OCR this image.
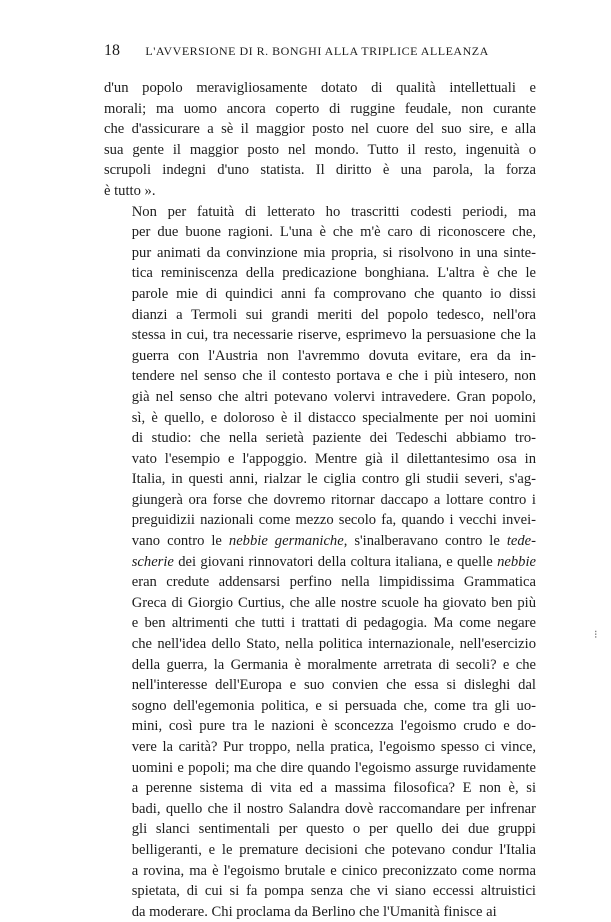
18 L'AVVERSIONE DI R. BONGHI ALLA TRIPLICE ALLEANZA

d'un popolo meravigliosamente dotato di qualità intellettuali e
morali; ma uomo ancora coperto di ruggine feudale, non curante
che d'assicurare a sè il maggior posto nel cuore del suo sire, e alla
sua gente il maggior posto nel mondo. Tutto il resto, ingenuità o
scrupoli indegni d'uno statista. Il diritto è una parola, la forza
è tutto ».

Non per fatuità di letterato ho trascritti codesti periodi, ma
per due buone ragioni. L'una è che m'è caro di riconoscere che,
pur animati da convinzione mia propria, si risolvono in una sinte-
tica reminiscenza della predicazione bonghiana. L'altra è che le
parole mie di quindici anni fa comprovano che quanto io dissi
dianzi a Termoli sui grandi meriti del popolo tedesco, nell'ora
stessa in cui, tra necessarie riserve, esprimevo la persuasione che la
guerra con l'Austria non l'avremmo dovuta evitare, era da in-
tendere nel senso che il contesto portava e che i più intesero, non
già nel senso che altri potevano volervi intravedere. Gran popolo,
sì, è quello, e doloroso è il distacco specialmente per noi uomini
di studio: che nella serietà paziente dei Tedeschi abbiamo tro-
vato l'esempio e l'appoggio. Mentre già il dilettantesimo osa in
Italia, in questi anni, rialzar le ciglia contro gli studii severi, s'ag-
giungerà ora forse che dovremo ritornar daccapo a lottare contro i
preguidizii nazionali come mezzo secolo fa, quando i vecchi invei-
vano contro le nebbie germaniche, s'inalberavano contro le tede-
scherie dei giovani rinnovatori della coltura italiana, e quelle nebbie
eran credute addensarsi perfino nella limpidissima Grammatica
Greca di Giorgio Curtius, che alle nostre scuole ha giovato ben più
e ben altrimenti che tutti i trattati di pedagogia. Ma come negare
che nell'idea dello Stato, nella politica internazionale, nell'esercizio
della guerra, la Germania è moralmente arretrata di secoli? e che
nell'interesse dell'Europa e suo convien che essa si disleghi dal
sogno dell'egemonia politica, e si persuada che, come tra gli uo-
mini, così pure tra le nazioni è sconcezza l'egoismo crudo e do-
vere la carità? Pur troppo, nella pratica, l'egoismo spesso ci vince,
uomini e popoli; ma che dire quando l'egoismo assurge ruvidamente
a perenne sistema di vita ed a massima filosofica? E non è, si
badi, quello che il nostro Salandra dovè raccomandare per infrenar
gli slanci sentimentali per questo o per quello dei due gruppi
belligeranti, e le premature decisioni che potevano condur l'Italia
a rovina, ma è l'egoismo brutale e cinico preconizzato come norma
spietata, di cui si fa pompa senza che vi siano eccessi altruistici
da moderare. Chi proclama da Berlino che l'Umanità finisce ai

⁝
